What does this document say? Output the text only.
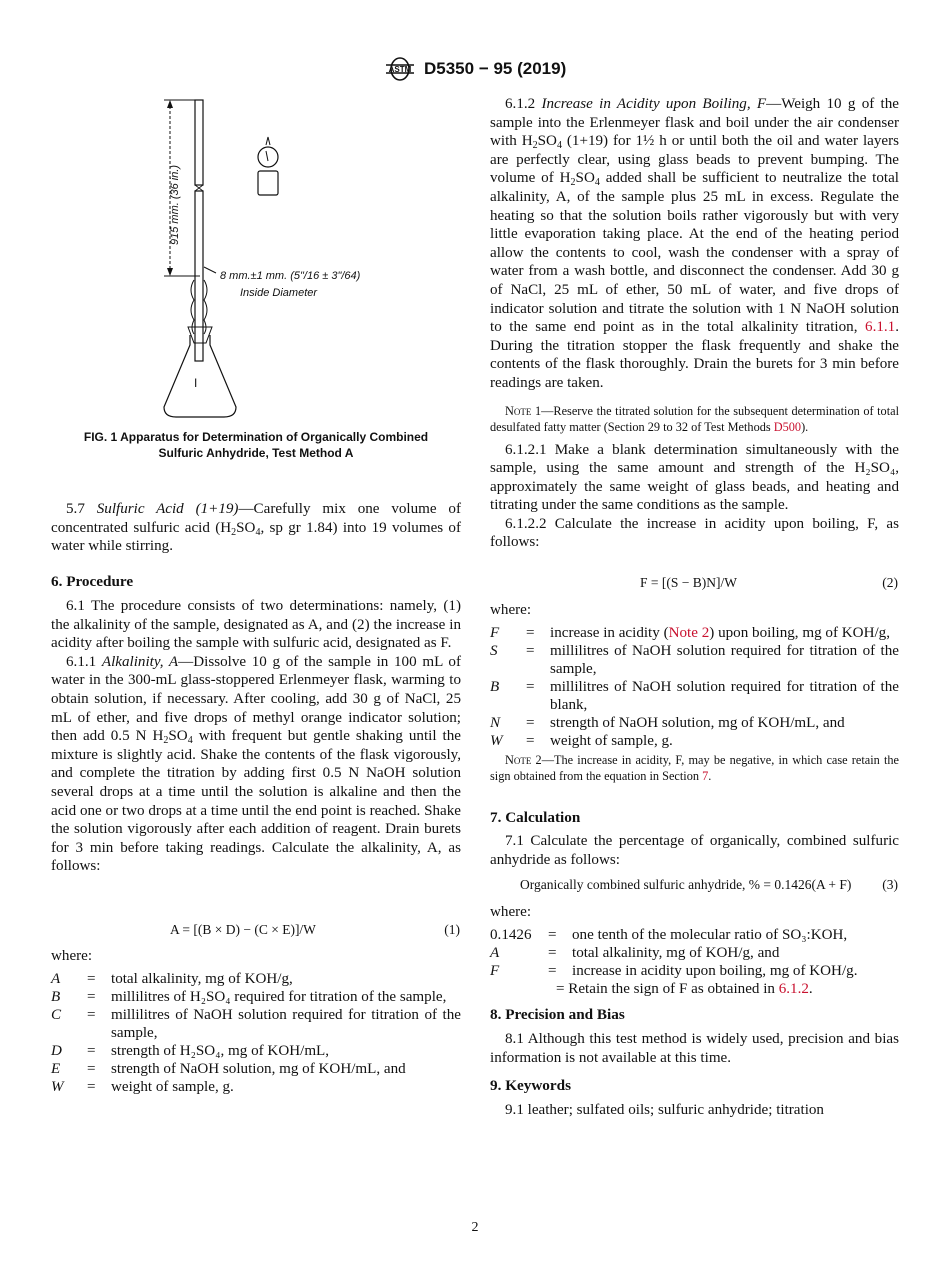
ASTM D5350 − 95 (2019)
915 mm. (36 in.)
I
8 mm.±1 mm. (5"/16 ± 3"/64)
Inside Diameter
FIG. 1 Apparatus for Determination of Organically Combined
Sulfuric Anhydride, Test Method A

5.7 Sulfuric Acid (1+19)—Carefully mix one volume of concentrated sulfuric acid ($H_2SO_4$, sp gr 1.84) into 19 volumes of water while stirring.

6. Procedure

6.1 The procedure consists of two determinations: namely, (1) the alkalinity of the sample, designated as A, and (2) the increase in acidity after boiling the sample with sulfuric acid, designated as F.

6.1.1 Alkalinity, A—Dissolve 10 g of the sample in 100 mL of water in the 300-mL glass-stoppered Erlenmeyer flask, warming to obtain solution, if necessary. After cooling, add 30 g of NaCl, 25 mL of ether, and five drops of methyl orange indicator solution; then add 0.5 N $H_2SO_4$ with frequent but gentle shaking until the mixture is slightly acid. Shake the contents of the flask vigorously, and complete the titration by adding first 0.5 N NaOH solution several drops at a time until the solution is alkaline and then the acid one or two drops at a time until the end point is reached. Shake the solution vigorously after each addition of reagent. Drain burets for 3 min before taking readings. Calculate the alkalinity, A, as follows:

A = [(B × D) − (C × E)]/W	(1)

where:

A	=	total alkalinity, mg of KOH/g,
B	=	millilitres of H₂SO₄ required for titration of the sample,
C	=	millilitres of NaOH solution required for titration of the sample,
D	=	strength of H₂SO₄, mg of KOH/mL,
E	=	strength of NaOH solution, mg of KOH/mL, and
W	=	weight of sample, g.

6.1.2 Increase in Acidity upon Boiling, F—Weigh 10 g of the sample into the Erlenmeyer flask and boil under the air condenser with $H_2SO_4$ (1+19) for 1½ h or until both the oil and water layers are perfectly clear, using glass beads to prevent bumping. The volume of $H_2SO_4$ added shall be sufficient to neutralize the total alkalinity, A, of the sample plus 25 mL in excess. Regulate the heating so that the solution boils rather vigorously but with very little evaporation taking place. At the end of the heating period allow the contents to cool, wash the condenser with a spray of water from a wash bottle, and disconnect the condenser. Add 30 g of NaCl, 25 mL of ether, 50 mL of water, and five drops of indicator solution and titrate the solution with 1 N NaOH solution to the same end point as in the total alkalinity titration, 6.1.1. During the titration stopper the flask frequently and shake the contents of the flask thoroughly. Drain the burets for 3 min before readings are taken.

Note 1—Reserve the titrated solution for the subsequent determination of total desulfated fatty matter (Section 29 to 32 of Test Methods D500).

6.1.2.1 Make a blank determination simultaneously with the sample, using the same amount and strength of the H₂SO₄, approximately the same weight of glass beads, and heating and titrating under the same conditions as the sample.

6.1.2.2 Calculate the increase in acidity upon boiling, F, as follows:

F = [(S − B)N]/W	(2)

where:

F	=	increase in acidity (Note 2) upon boiling, mg of KOH/g,
S	=	millilitres of NaOH solution required for titration of the sample,
B	=	millilitres of NaOH solution required for titration of the blank,
N	=	strength of NaOH solution, mg of KOH/mL, and
W	=	weight of sample, g.

Note 2—The increase in acidity, F, may be negative, in which case retain the sign obtained from the equation in Section 7.

7. Calculation

7.1 Calculate the percentage of organically, combined sulfuric anhydride as follows:

Organically combined sulfuric anhydride, % = 0.1426(A + F)	(3)

where:

0.1426	=	one tenth of the molecular ratio of SO₃:KOH,
A	=	total alkalinity, mg of KOH/g, and
F	=	increase in acidity upon boiling, mg of KOH/g.

= Retain the sign of F as obtained in 6.1.2.

8. Precision and Bias

8.1 Although this test method is widely used, precision and bias information is not available at this time.

9. Keywords

9.1 leather; sulfated oils; sulfuric anhydride; titration

2
